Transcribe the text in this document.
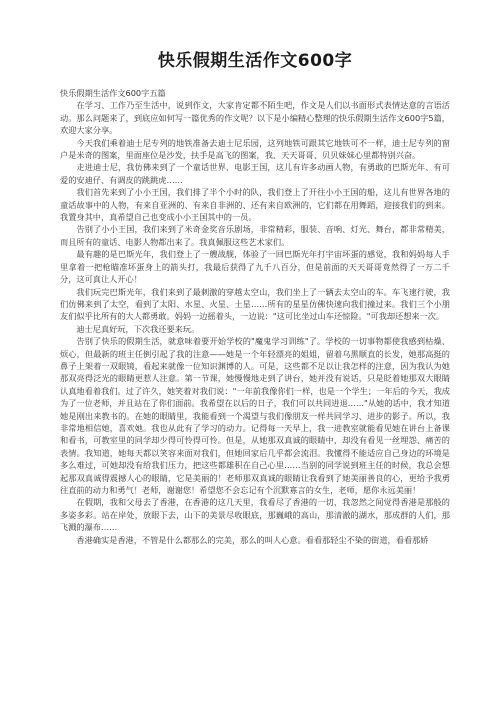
快乐假期生活作文600字

快乐假期生活作文600字五篇

在学习、工作乃至生活中，说到作文，大家肯定都不陌生吧，作文是人们以书面形式表情达意的言语活动。那么问题来了，到底应如何写一篇优秀的作文呢？以下是小编精心整理的快乐假期生活作文600字5篇，欢迎大家分享。

今天我们乘着迪士尼专列的地铁准备去迪士尼乐园，这列地铁可跟其它地铁可不一样，迪士尼专列的窗户是米奇的图案，里面座位是沙发，扶手是高飞的图案，我、天天哥哥、贝贝妹妹心里都特别兴奋。

走进迪士尼，我仿佛来到了一个童话世界、电影王国，这儿有许多动画人物，有勇敢的巴斯光年、有可爱的安迪仔、有调皮的跳跳虎……

我们首先来到了小小王国，我们排了半个小时的队，我们登上了开往小小王国的船，这儿有世界各地的童话故事中的人物，有来自亚洲的、有来自非洲的、还有来自欧洲的，它们都在用舞蹈，迎接我们的到来。我置身其中，真希望自己也变成小小王国其中的一员。

告别了小小王国，我们来到了米奇金奖音乐剧场，非常精彩，服装、音响、灯光、舞台，都非常精美，而且所有的童话、电影人物都出来了。我真佩服这些艺术家们。

最有趣的是巴斯光年，我们登上了一艘战舰，体验了一回巴斯光年打宇宙坏蛋的感觉，我和妈妈每人手里拿着一把枪瞄准坏蛋身上的箭头打，我最后获得了九千八百分，但是前面的天天哥哥竟然得了一万二千分，这可真让人开心！

我们玩完巴斯光年，我们来到了最刺激的穿越太空山，我们坐上了一辆去太空山的车。车飞速行驶，我们仿佛来到了太空，看到了太阳、水星、火星、土星……所有的星星仿佛快速向我们撞过来。我们三个小朋友们似乎比所有的大人都勇敢。妈妈一边摇着头，一边说："这可比坐过山车还惊险。"可我却还想来一次。

迪士尼真好玩，下次我还要来玩。

告别了快乐的假期生活，就意味着要开始学校的"魔鬼学习训练"了。学校的一切事物都使我感到枯燥、烦心，但最新的班主任倒引起了我的注意——她是一个年轻漂亮的姐姐，留着乌黑顺直的长发，她那高挺的鼻子上架着一双眼镜，看起来就像一位知识渊博的人。可是，这些都不足以让我怎样的注意，因为我认为她那双亮得泛光的眼睛更惹人注意。第一节课，她慢慢地走到了讲台，她并没有说话，只是眨着她那双大眼睛认真地看着我们。过了许久，她笑着对我们说："一年前我像你们一样，也是一个学生；一年后的今天，我成为了一位老师，并且站在了你们面前。我希望在以后的日子，我们可以共同进退……"从她的话中，我才知道她是刚出来教书的。在她的眼睛里，我能看到一个渴望与我们像朋友一样共同学习、进步的影子。所以，我非常地相信她，喜欢她。我也从此有了学习的动力。记得每一天早上，我一进教室就能看见她在讲台上备课和看书，可教室里的同学却少得可怜得可怜。但是，从她那双真诚的眼睛中，却没有看见一丝埋怨、痛苦的表情。我知道，她每天都以笑容来面对我们，但她回家后几乎都会流泪。我懂得不能适应自己身边的环境是多么难过，可她却没有给我们压力，把这些都雄积在自己心里……当别的同学说到班主任的时候，我总会想起那双真诚得震撼人心的眼睛，它是美丽的！老师那双真诚的眼睛让我看到了她美丽善良的心，更给予我勇往直前的动力和勇气！老师，谢谢您！希望您不会忘记有个沉默寡言的女生，老师，愿你永远美丽！

在假期，我和父母去了香港，在香港的这几天里，我看尽了香港的一切，我忽然之间觉得香港是那般的多姿多彩。站在岸处，放眼下去，山下的美景尽收眼底，那巍峨的高山，那清澈的湖水，那成群的人们，那飞溅的瀑布……

香港确实是香港，不管是什么都那么的完美，那么的叫人心意。看看那轻尘不染的街道，看看那娇
